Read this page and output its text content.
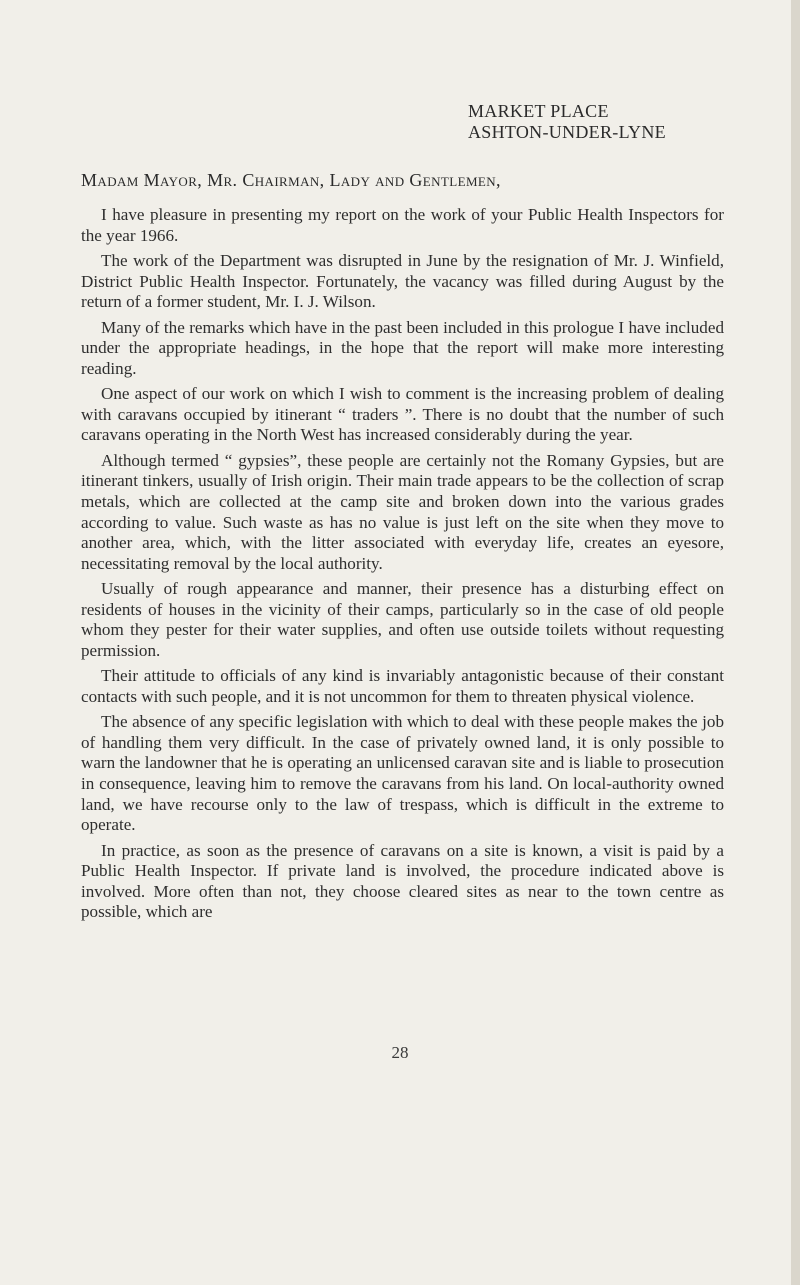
MARKET PLACE
ASHTON-UNDER-LYNE
Madam Mayor, Mr. Chairman, Lady and Gentlemen,

I have pleasure in presenting my report on the work of your Public Health Inspectors for the year 1966.

The work of the Department was disrupted in June by the resignation of Mr. J. Winfield, District Public Health Inspector. Fortunately, the vacancy was filled during August by the return of a former student, Mr. I. J. Wilson.

Many of the remarks which have in the past been included in this prologue I have included under the appropriate headings, in the hope that the report will make more interesting reading.

One aspect of our work on which I wish to comment is the increasing problem of dealing with caravans occupied by itinerant “ traders ”. There is no doubt that the number of such caravans operating in the North West has increased considerably during the year.

Although termed “ gypsies”, these people are certainly not the Romany Gypsies, but are itinerant tinkers, usually of Irish origin. Their main trade appears to be the collection of scrap metals, which are collected at the camp site and broken down into the various grades according to value. Such waste as has no value is just left on the site when they move to another area, which, with the litter associated with everyday life, creates an eyesore, necessitating removal by the local authority.

Usually of rough appearance and manner, their presence has a disturbing effect on residents of houses in the vicinity of their camps, particularly so in the case of old people whom they pester for their water supplies, and often use outside toilets without requesting permission.

Their attitude to officials of any kind is invariably antagonistic because of their constant contacts with such people, and it is not uncommon for them to threaten physical violence.

The absence of any specific legislation with which to deal with these people makes the job of handling them very difficult. In the case of privately owned land, it is only possible to warn the landowner that he is operating an unlicensed caravan site and is liable to prosecution in consequence, leaving him to remove the caravans from his land. On local-authority owned land, we have recourse only to the law of trespass, which is difficult in the extreme to operate.

In practice, as soon as the presence of caravans on a site is known, a visit is paid by a Public Health Inspector. If private land is involved, the procedure indicated above is involved. More often than not, they choose cleared sites as near to the town centre as possible, which are

28
